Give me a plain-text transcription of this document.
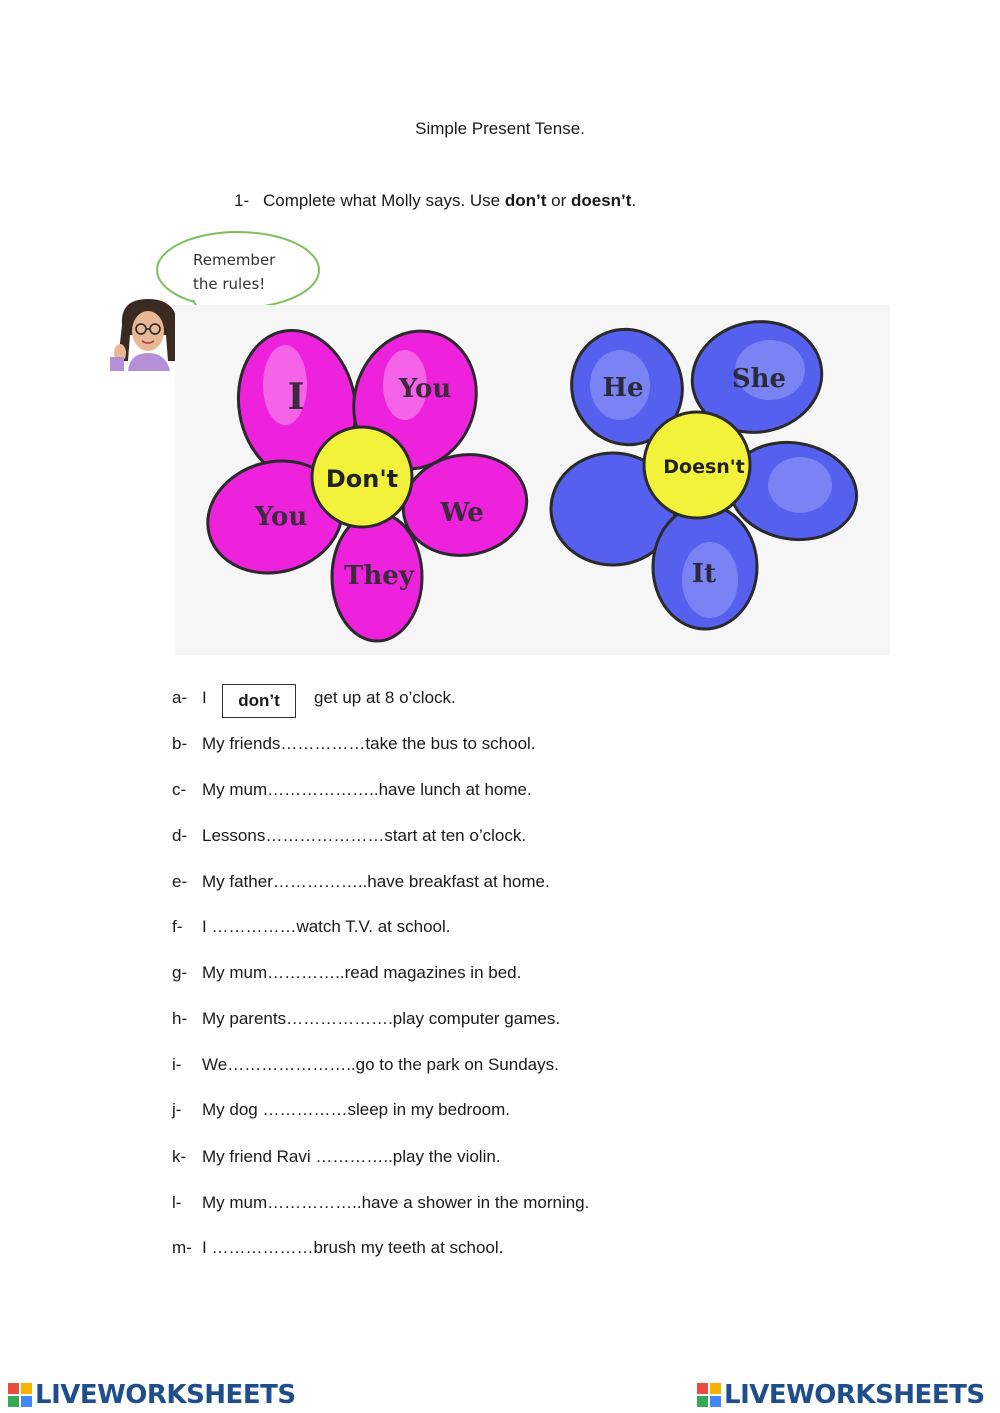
Simple Present Tense.
1- Complete what Molly says. Use don’t or doesn’t.
Remember
the rules!
Don't
I	You
You	We
They
Doesn't
He	She
It
a- I	don’t	get up at 8 o’clock.
b- My friends……………take the bus to school.
c- My mum………………..have lunch at home.
d- Lessons…………………start at ten o’clock.
e- My father……………..have breakfast at home.
f- I ……………watch T.V. at school.
g- My mum…………..read magazines in bed.
h- My parents……………….play computer games.
i- We…………………..go to the park on Sundays.
j- My dog ……………sleep in my bedroom.
k- My friend Ravi …………..play the violin.
l- My mum……………..have a shower in the morning.
m- I ………………brush my teeth at school.
LIVEWORKSHEETS	LIVEWORKSHEETS
